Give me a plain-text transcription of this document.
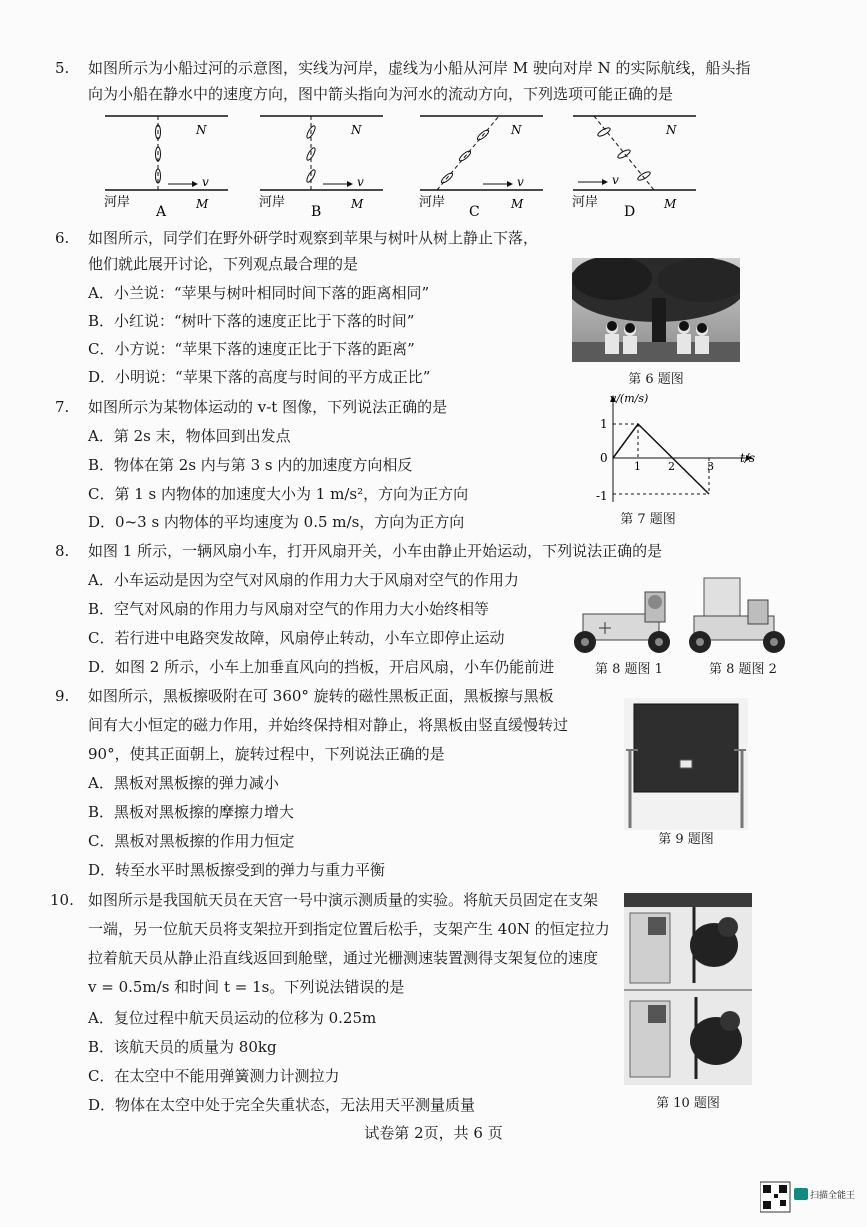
5. 如图所示为小船过河的示意图，实线为河岸，虚线为小船从河岸 M 驶向对岸 N 的实际航线，船头指
向为小船在静水中的速度方向，图中箭头指向为河水的流动方向，下列选项可能正确的是
v
N
河岸
A M
v
N
河岸
B M
v
N
河岸
C	M
v
N
河岸
D M
6. 如图所示，同学们在野外研学时观察到苹果与树叶从树上静止下落，
他们就此展开讨论，下列观点最合理的是
A．小兰说：“苹果与树叶相同时间下落的距离相同”
B．小红说：“树叶下落的速度正比于下落的时间”
C．小方说：“苹果下落的速度正比于下落的距离”
D．小明说：“苹果下落的高度与时间的平方成正比”	第 6 题图
7. 如图所示为某物体运动的 v-t 图像，下列说法正确的是
A．第 2s 末，物体回到出发点
B．物体在第 2s 内与第 3 s 内的加速度方向相反
C．第 1 s 内物体的加速度大小为 1 m/s²，方向为正方向
D．0~3 s 内物体的平均速度为 0.5 m/s，方向为正方向
v/(m/s)
t/s
1
0
-1
1 2	3
第 7 题图
8. 如图 1 所示，一辆风扇小车，打开风扇开关，小车由静止开始运动，下列说法正确的是
A．小车运动是因为空气对风扇的作用力大于风扇对空气的作用力
B．空气对风扇的作用力与风扇对空气的作用力大小始终相等
C．若行进中电路突发故障，风扇停止转动，小车立即停止运动
D．如图 2 所示，小车上加垂直风向的挡板，开启风扇，小车仍能前进	第 8 题图 1	第 8 题图 2
9. 如图所示，黑板擦吸附在可 360° 旋转的磁性黑板正面，黑板擦与黑板
间有大小恒定的磁力作用，并始终保持相对静止，将黑板由竖直缓慢转过
90°，使其正面朝上，旋转过程中，下列说法正确的是
A．黑板对黑板擦的弹力减小
B．黑板对黑板擦的摩擦力增大
C．黑板对黑板擦的作用力恒定
D．转至水平时黑板擦受到的弹力与重力平衡
第 9 题图
10. 如图所示是我国航天员在天宫一号中演示测质量的实验。将航天员固定在支架
一端，另一位航天员将支架拉开到指定位置后松手，支架产生 40N 的恒定拉力
拉着航天员从静止沿直线返回到舱壁，通过光栅测速装置测得支架复位的速度
v = 0.5m/s 和时间 t = 1s。下列说法错误的是
A．复位过程中航天员运动的位移为 0.25m
B．该航天员的质量为 80kg
C．在太空中不能用弹簧测力计测拉力
D．物体在太空中处于完全失重状态，无法用天平测量质量	第 10 题图
试卷第 2页，共 6 页
扫描全能王
